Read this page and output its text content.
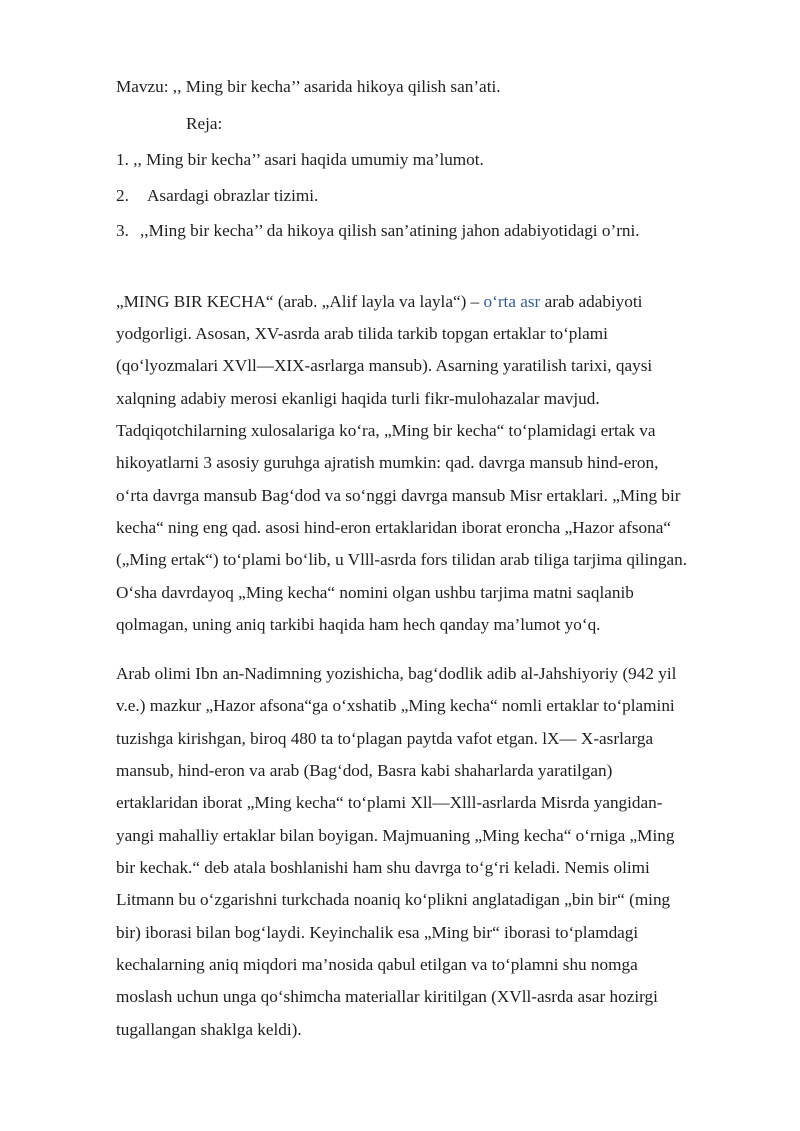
Mavzu: ,, Ming bir kecha’’ asarida hikoya qilish san’ati.
Reja:
1. ,, Ming bir kecha’’ asari haqida umumiy ma’lumot.
2. Asardagi obrazlar tizimi.
3. ,,Ming bir kecha’’ da hikoya qilish san’atining jahon adabiyotidagi o’rni.
„MING BIR KECHA“ (arab. „Alif layla va layla“) – o‘rta asr arab adabiyoti
yodgorligi. Asosan, XV-asrda arab tilida tarkib topgan ertaklar to‘plami
(qo‘lyozmalari XVll—XIX-asrlarga mansub). Asarning yaratilish tarixi, qaysi
xalqning adabiy merosi ekanligi haqida turli fikr-mulohazalar mavjud.
Tadqiqotchilarning xulosalariga ko‘ra, „Ming bir kecha“ to‘plamidagi ertak va
hikoyatlarni 3 asosiy guruhga ajratish mumkin: qad. davrga mansub hind-eron,
o‘rta davrga mansub Bag‘dod va so‘nggi davrga mansub Misr ertaklari. „Ming bir
kecha“ ning eng qad. asosi hind-eron ertaklaridan iborat eroncha „Hazor afsona“
(„Ming ertak“) to‘plami bo‘lib, u Vlll-asrda fors tilidan arab tiliga tarjima qilingan.
O‘sha davrdayoq „Ming kecha“ nomini olgan ushbu tarjima matni saqlanib
qolmagan, uning aniq tarkibi haqida ham hech qanday ma’lumot yo‘q.
Arab olimi Ibn an-Nadimning yozishicha, bag‘dodlik adib al-Jahshiyoriy (942 yil
v.e.) mazkur „Hazor afsona“ga o‘xshatib „Ming kecha“ nomli ertaklar to‘plamini
tuzishga kirishgan, biroq 480 ta to‘plagan paytda vafot etgan. lX— X-asrlarga
mansub, hind-eron va arab (Bag‘dod, Basra kabi shaharlarda yaratilgan)
ertaklaridan iborat „Ming kecha“ to‘plami Xll—Xlll-asrlarda Misrda yangidan-
yangi mahalliy ertaklar bilan boyigan. Majmuaning „Ming kecha“ o‘rniga „Ming
bir kechak.“ deb atala boshlanishi ham shu davrga to‘g‘ri keladi. Nemis olimi
Litmann bu o‘zgarishni turkchada noaniq ko‘plikni anglatadigan „bin bir“ (ming
bir) iborasi bilan bog‘laydi. Keyinchalik esa „Ming bir“ iborasi to‘plamdagi
kechalarning aniq miqdori ma’nosida qabul etilgan va to‘plamni shu nomga
moslash uchun unga qo‘shimcha materiallar kiritilgan (XVll-asrda asar hozirgi
tugallangan shaklga keldi).
